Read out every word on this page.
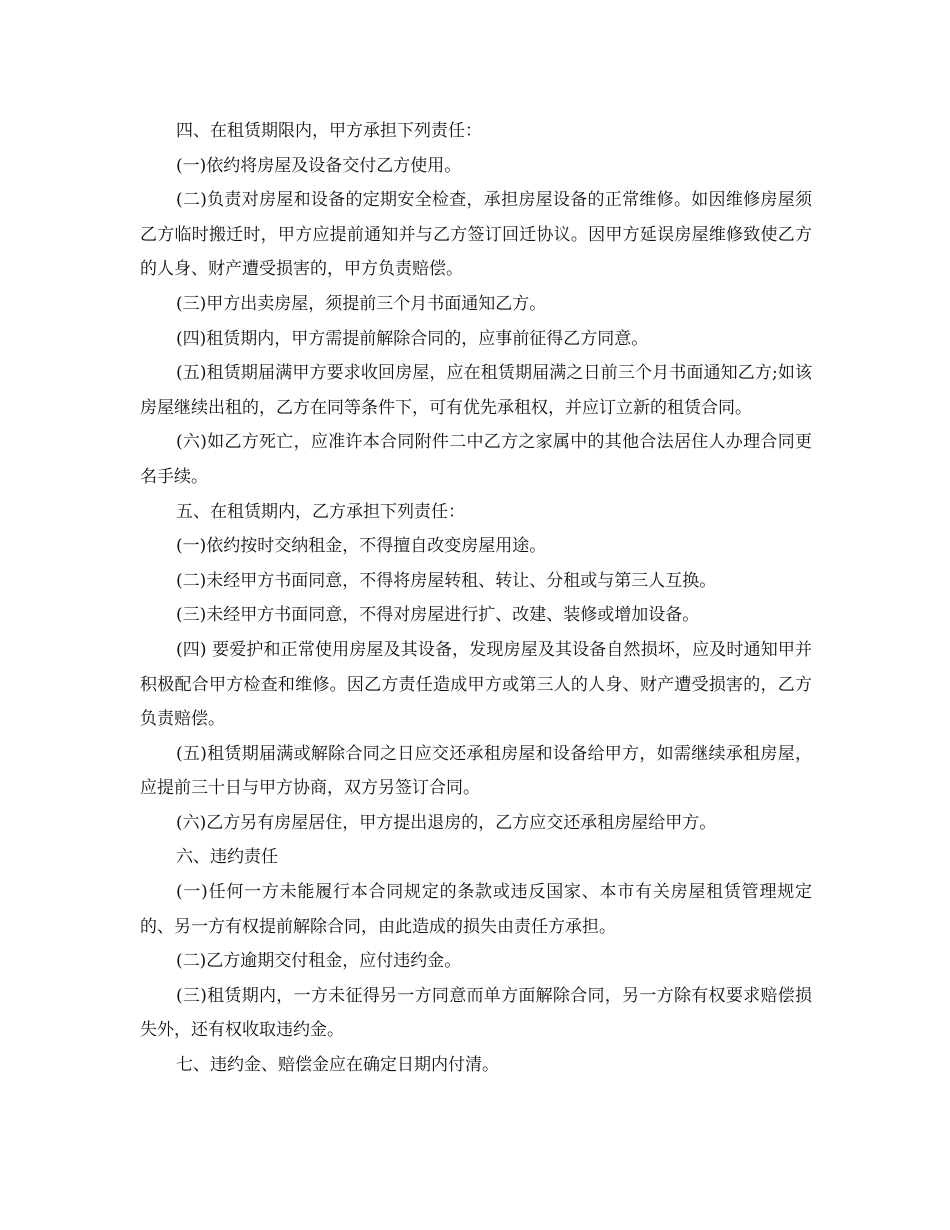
四、在租赁期限内，甲方承担下列责任：

(一)依约将房屋及设备交付乙方使用。

(二)负责对房屋和设备的定期安全检查，承担房屋设备的正常维修。如因维修房屋须乙方临时搬迁时，甲方应提前通知并与乙方签订回迁协议。因甲方延误房屋维修致使乙方的人身、财产遭受损害的，甲方负责赔偿。

(三)甲方出卖房屋，须提前三个月书面通知乙方。

(四)租赁期内，甲方需提前解除合同的，应事前征得乙方同意。

(五)租赁期届满甲方要求收回房屋，应在租赁期届满之日前三个月书面通知乙方;如该房屋继续出租的，乙方在同等条件下，可有优先承租权，并应订立新的租赁合同。

(六)如乙方死亡，应准许本合同附件二中乙方之家属中的其他合法居住人办理合同更名手续。

五、在租赁期内，乙方承担下列责任：

(一)依约按时交纳租金，不得擅自改变房屋用途。

(二)未经甲方书面同意，不得将房屋转租、转让、分租或与第三人互换。

(三)未经甲方书面同意，不得对房屋进行扩、改建、装修或增加设备。

(四) 要爱护和正常使用房屋及其设备，发现房屋及其设备自然损坏，应及时通知甲并积极配合甲方检查和维修。因乙方责任造成甲方或第三人的人身、财产遭受损害的，乙方负责赔偿。

(五)租赁期届满或解除合同之日应交还承租房屋和设备给甲方，如需继续承租房屋，应提前三十日与甲方协商，双方另签订合同。

(六)乙方另有房屋居住，甲方提出退房的，乙方应交还承租房屋给甲方。

六、违约责任

(一)任何一方未能履行本合同规定的条款或违反国家、本市有关房屋租赁管理规定的、另一方有权提前解除合同，由此造成的损失由责任方承担。

(二)乙方逾期交付租金，应付违约金。

(三)租赁期内，一方未征得另一方同意而单方面解除合同，另一方除有权要求赔偿损失外，还有权收取违约金。

七、违约金、赔偿金应在确定日期内付清。
